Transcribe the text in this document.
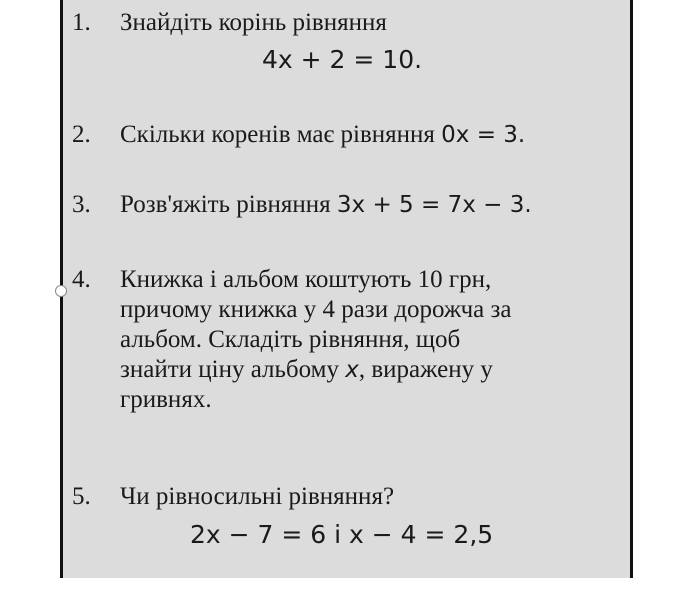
1.	Знайдіть корінь рівняння
4x + 2 = 10.
2.	Скільки коренів має рівняння 0x = 3.
3.	Розв'яжіть рівняння 3x + 5 = 7x − 3.
4.	Книжка і альбом коштують 10 грн,
причому книжка у 4 рази дорожча за
альбом. Складіть рівняння, щоб
знайти ціну альбому x, виражену у
гривнях.
5.	Чи рівносильні рівняння?
2x − 7 = 6 і x − 4 = 2,5
